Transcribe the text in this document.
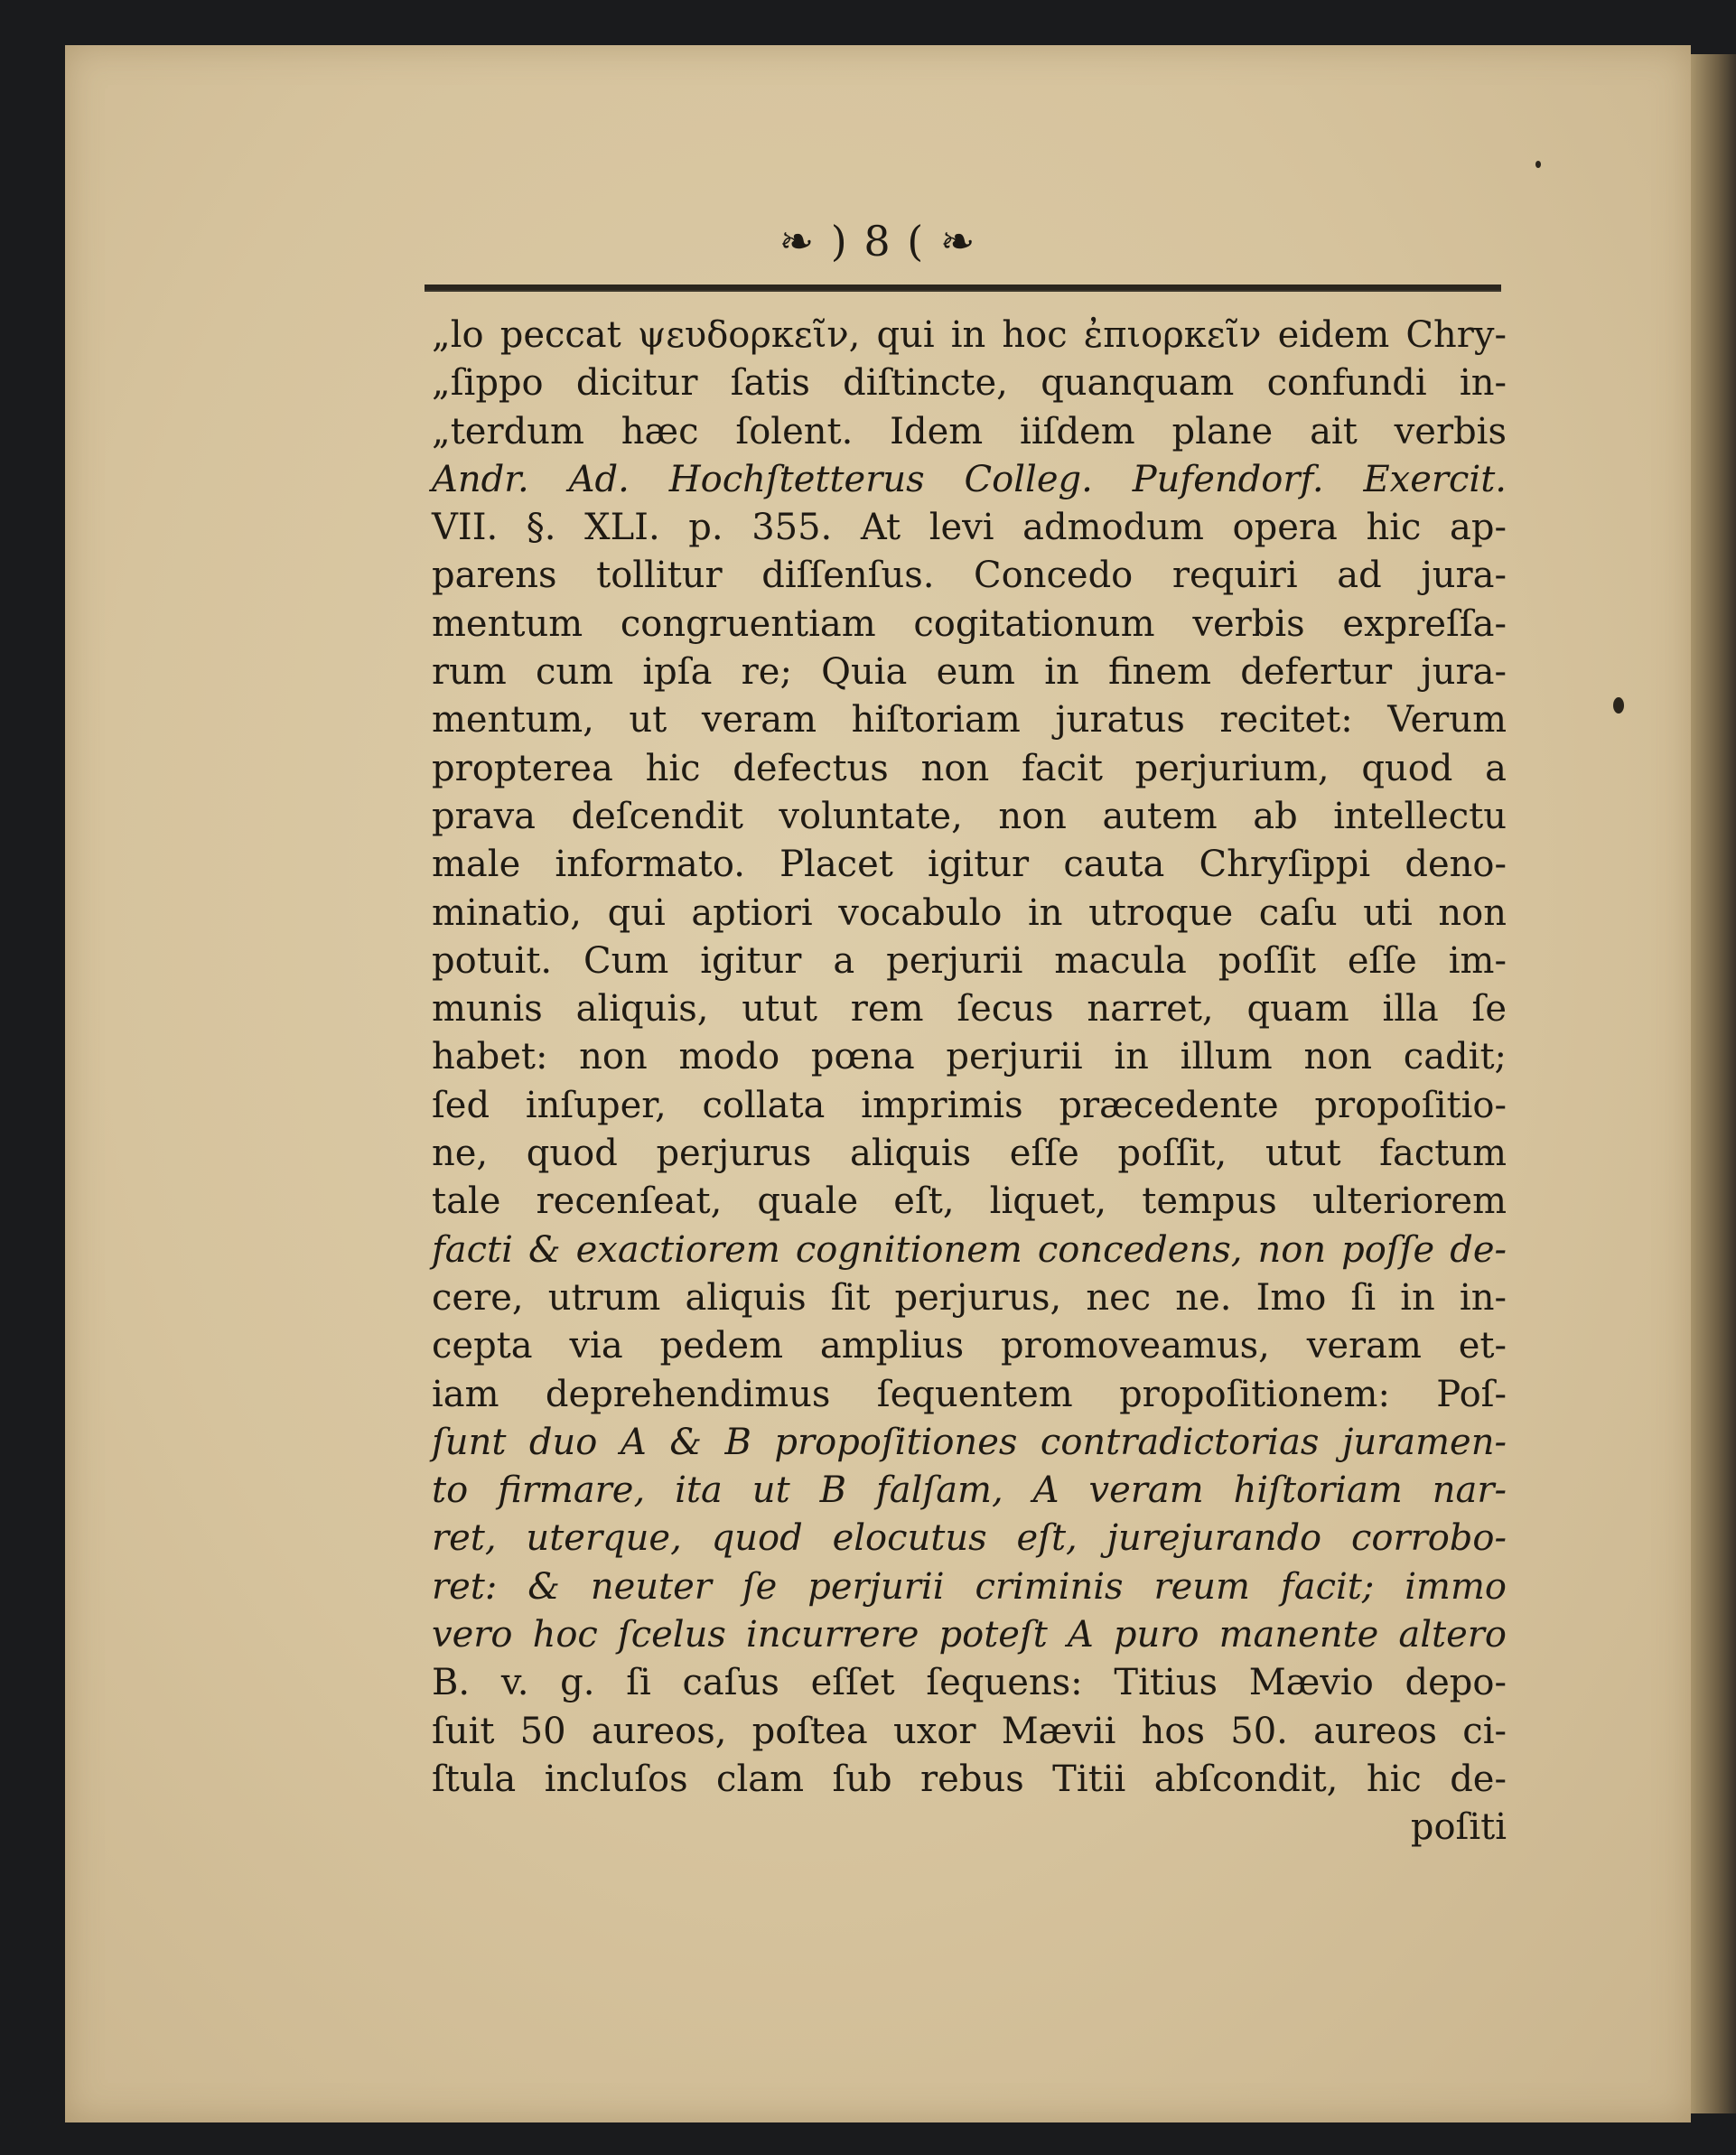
❧ ) 8 ( ❧
„lo peccat ψευδορκεῖν, qui in hoc ἐπιορκεῖν eidem Chry-
„ſippo dicitur ſatis diſtincte, quanquam confundi in-
„terdum hæc ſolent. Idem iiſdem plane ait verbis
Andr. Ad. Hochſtetterus Colleg. Pufendorf. Exercit.
VII. §. XLI. p. 355. At levi admodum opera hic ap-
parens tollitur diſſenſus. Concedo requiri ad jura-
mentum congruentiam cogitationum verbis expreſſa-
rum cum ipſa re; Quia eum in finem defertur jura-
mentum, ut veram hiſtoriam juratus recitet: Verum
propterea hic defectus non facit perjurium, quod a
prava deſcendit voluntate, non autem ab intellectu
male informato. Placet igitur cauta Chryſippi deno-
minatio, qui aptiori vocabulo in utroque caſu uti non
potuit. Cum igitur a perjurii macula poſſit eſſe im-
munis aliquis, utut rem ſecus narret, quam illa ſe
habet: non modo pœna perjurii in illum non cadit;
ſed inſuper, collata imprimis præcedente propoſitio-
ne, quod perjurus aliquis eſſe poſſit, utut factum
tale recenſeat, quale eſt, liquet, tempus ulteriorem
facti & exactiorem cognitionem concedens, non poſſe de-
cere, utrum aliquis ſit perjurus, nec ne. Imo ſi in in-
cepta via pedem amplius promoveamus, veram et-
iam deprehendimus ſequentem propoſitionem: Poſ-
ſunt duo A & B propoſitiones contradictorias juramen-
to firmare, ita ut B falſam, A veram hiſtoriam nar-
ret, uterque, quod elocutus eſt, jurejurando corrobo-
ret: & neuter ſe perjurii criminis reum facit; immo
vero hoc ſcelus incurrere poteſt A puro manente altero
B. v. g. ſi caſus eſſet ſequens: Titius Mævio depo-
ſuit 50 aureos, poſtea uxor Mævii hos 50. aureos ci-
ſtula incluſos clam ſub rebus Titii abſcondit, hic de-
poſiti
